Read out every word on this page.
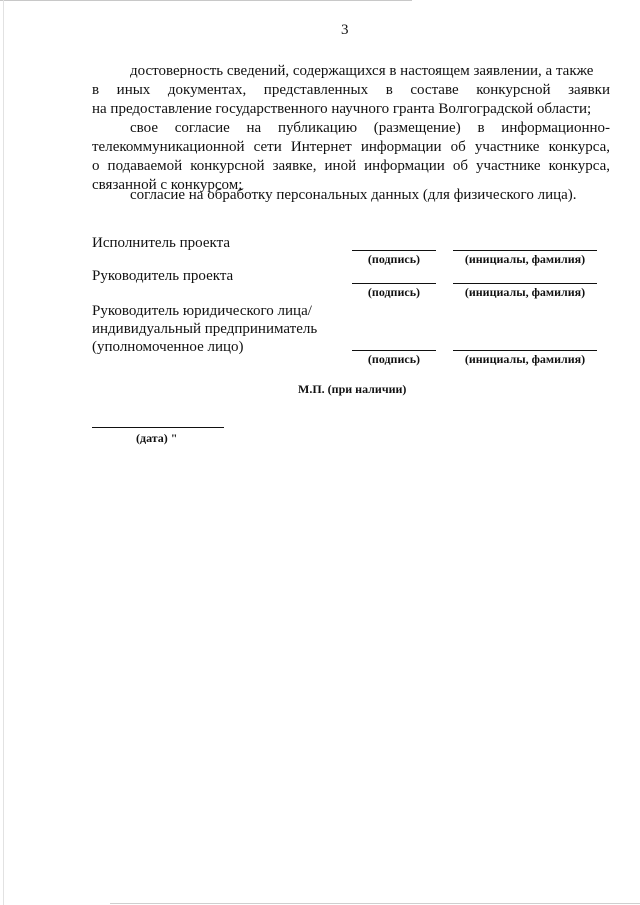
3
достоверность сведений, содержащихся в настоящем заявлении, а также
в иных документах, представленных в составе конкурсной заявки
на предоставление государственного научного гранта Волгоградской области;
свое согласие на публикацию (размещение) в информационно-
телекоммуникационной сети Интернет информации об участнике конкурса,
о подаваемой конкурсной заявке, иной информации об участнике конкурса,
связанной с конкурсом;
согласие на обработку персональных данных (для физического лица).
Исполнитель проекта
(подпись)	(инициалы, фамилия)
Руководитель проекта
(подпись)	(инициалы, фамилия)
Руководитель юридического лица/
индивидуальный предприниматель
(уполномоченное лицо)
(подпись)	(инициалы, фамилия)
М.П. (при наличии)
(дата) "
